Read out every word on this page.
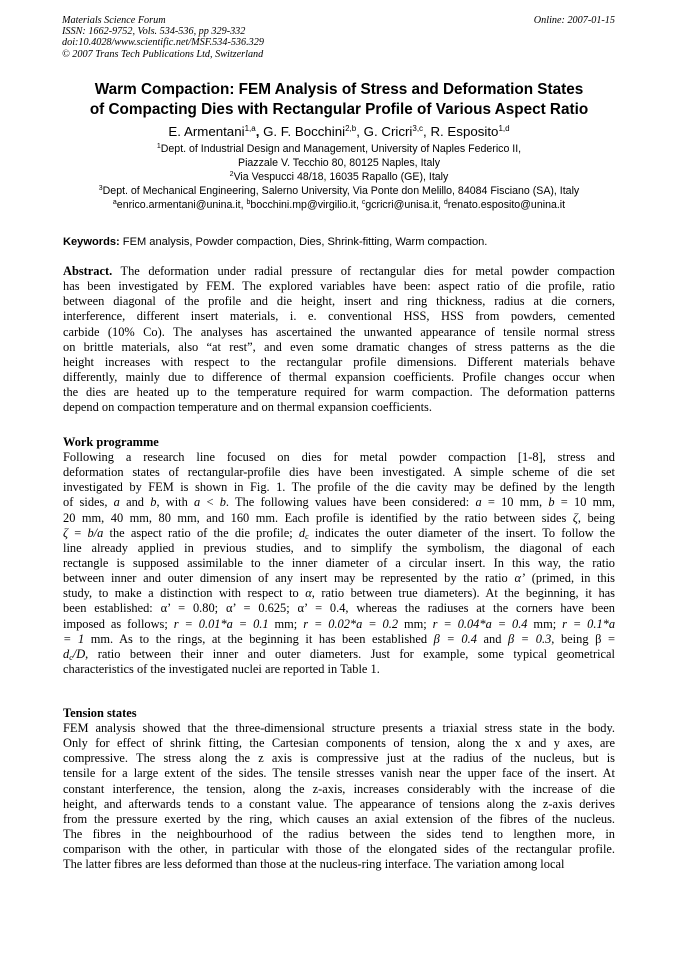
Materials Science Forum
ISSN: 1662-9752, Vols. 534-536, pp 329-332
doi:10.4028/www.scientific.net/MSF.534-536.329
© 2007 Trans Tech Publications Ltd, Switzerland
Online: 2007-01-15
Warm Compaction: FEM Analysis of Stress and Deformation States
of Compacting Dies with Rectangular Profile of Various Aspect Ratio
E. Armentani$^{1,a}$, G. F. Bocchini$^{2,b}$, G. Cricri$^{3,c}$, R. Esposito$^{1,d}$
$^1$Dept. of Industrial Design and Management, University of Naples Federico II,
Piazzale V. Tecchio 80, 80125 Naples, Italy
$^2$Via Vespucci 48/18, 16035 Rapallo (GE), Italy
$^3$Dept. of Mechanical Engineering, Salerno University, Via Ponte don Melillo, 84084 Fisciano (SA), Italy
$^a$enrico.armentani@unina.it, $^b$bocchini.mp@virgilio.it, $^c$gcricri@unisa.it, $^d$renato.esposito@unina.it
Keywords: FEM analysis, Powder compaction, Dies, Shrink-fitting, Warm compaction.
Abstract. The deformation under radial pressure of rectangular dies for metal powder compaction
has been investigated by FEM. The explored variables have been: aspect ratio of die profile, ratio
between diagonal of the profile and die height, insert and ring thickness, radius at die corners,
interference, different insert materials, i. e. conventional HSS, HSS from powders, cemented
carbide (10% Co). The analyses has ascertained the unwanted appearance of tensile normal stress
on brittle materials, also “at rest”, and even some dramatic changes of stress patterns as the die
height increases with respect to the rectangular profile dimensions. Different materials behave
differently, mainly due to difference of thermal expansion coefficients. Profile changes occur when
the dies are heated up to the temperature required for warm compaction. The deformation patterns
depend on compaction temperature and on thermal expansion coefficients.
Work programme
Following a research line focused on dies for metal powder compaction [1-8], stress and
deformation states of rectangular-profile dies have been investigated. A simple scheme of die set
investigated by FEM is shown in Fig. 1. The profile of the die cavity may be defined by the length
of sides, a and b, with a < b. The following values have been considered: a = 10 mm, b = 10 mm,
20 mm, 40 mm, 80 mm, and 160 mm. Each profile is identified by the ratio between sides ζ, being
ζ = b/a the aspect ratio of the die profile; $d_c$ indicates the outer diameter of the insert. To follow the
line already applied in previous studies, and to simplify the symbolism, the diagonal of each
rectangle is supposed assimilable to the inner diameter of a circular insert. In this way, the ratio
between inner and outer dimension of any insert may be represented by the ratio α’ (primed, in this
study, to make a distinction with respect to α, ratio between true diameters). At the beginning, it has
been established: α’ = 0.80; α’ = 0.625; α’ = 0.4, whereas the radiuses at the corners have been
imposed as follows; r = 0.01*a = 0.1 mm; r = 0.02*a = 0.2 mm; r = 0.04*a = 0.4 mm; r = 0.1*a
= 1 mm. As to the rings, at the beginning it has been established β = 0.4 and β = 0.3, being β =
$d_c/D$, ratio between their inner and outer diameters. Just for example, some typical geometrical
characteristics of the investigated nuclei are reported in Table 1.
Tension states
FEM analysis showed that the three-dimensional structure presents a triaxial stress state in the body.
Only for effect of shrink fitting, the Cartesian components of tension, along the x and y axes, are
compressive. The stress along the z axis is compressive just at the radius of the nucleus, but is
tensile for a large extent of the sides. The tensile stresses vanish near the upper face of the insert. At
constant interference, the tension, along the z-axis, increases considerably with the increase of die
height, and afterwards tends to a constant value. The appearance of tensions along the z-axis derives
from the pressure exerted by the ring, which causes an axial extension of the fibres of the nucleus.
The fibres in the neighbourhood of the radius between the sides tend to lengthen more, in
comparison with the other, in particular with those of the elongated sides of the rectangular profile.
The latter fibres are less deformed than those at the nucleus-ring interface. The variation among local
